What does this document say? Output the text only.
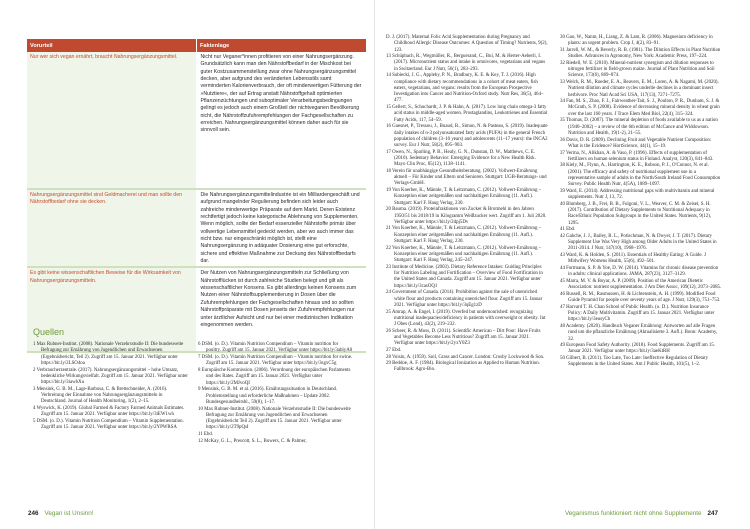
Vorurteil	Faktenlage
Nur wer sich vegan ernährt, braucht Nahrungsergänzungsmittel.	Nicht nur Veganer*innen profitieren von einer Nahrungsergänzung. Grundsätzlich kann man den Nährstoffbedarf in der Mischkost bei guter Kostzusammenstellung zwar ohne Nahrungsergänzungsmittel decken, aber aufgrund des veränderten Lebensstils samt verminderten Kalorienverbrauch, der oft minderwertigen Fütterung der »Nutztiere«, der auf Ertrag anstatt Nährstoffgehalt optimierten Pflanzenzüchtungen und suboptimaler Verarbeitungsbedingungen gelingt es jedoch auch einem Großteil der nichtveganen Bevölkerung nicht, die Nährstoffzufuhrempfehlungen der Fachgesellschaften zu erreichen. Nahrungsergänzungsmittel können daher auch für sie sinnvoll sein.
Nahrungsergänzungsmittel sind Geldmacherei und man sollte den Nährstoffbedarf ohne sie decken.	Die Nahrungsergänzungsmittelindustrie ist ein Milliardengeschäft und aufgrund mangelnder Regulierung befinden sich leider auch zahlreiche minderwertige Präparate auf dem Markt. Deren Existenz rechtfertigt jedoch keine kategorische Ablehnung von Supplementen. Wenn möglich, sollte der Bedarf essenzieller Nährstoffe primär über vollwertige Lebensmittel gedeckt werden, aber wo auch immer das nicht bzw. nur eingeschränkt möglich ist, stellt eine Nahrungsergänzung in adäquater Dosierung eine gut erforschte, sichere und effektive Maßnahme zur Deckung des Nährstoffbedarfs dar.
Es gibt keine wissenschaftlichen Beweise für die Wirksamkeit von Nahrungsergänzungsmitteln.	Der Nutzen von Nahrungsergänzungsmitteln zur Schließung von Nährstofflücken ist durch zahlreiche Studien belegt und gilt als wissenschaftlicher Konsens. Es gibt allerdings keinen Konsens zum Nutzen einer Nährstoffsupplementierung in Dosen über die Zufuhrempfehlungen der Fachgesellschaften hinaus und so sollten Nährstoffpräparate mit Dosen jenseits der Zufuhrempfehlungen nur unter ärztlicher Aufsicht und nur bei einer medizinischen Indikation eingenommen werden.
Quellen

1 Max Rubner-Institut. (2008). Nationale Verzehrsstudie II: Die bundesweite Befragung zur Ernährung von Jugendlichen und Erwachsenen (Ergebnisbericht, Teil 2). Zugriff am 15. Januar 2021. Verfügbar unter https://bit.ly/2LSO4oa

2 Verbraucherzentrale. (2017). Nahrungsergänzungsmittel – hohe Umsatz, bedenkliche Wirkungsvielfalt. Zugriff am 15. Januar 2021. Verfügbar unter https://bit.ly/3iawbXu

3 Mensink, G. B. M., Lage-Barbosa, C. & Brettschneider, A. (2016). Verbreitung der Einnahme von Nahrungsergänzungsmitteln in Deutschland. Journal of Health Monitoring, 1(2), 2–15.

4 Wyswick, K. (2019). Global Farmed & Factory Farmed Animals Estimates. Zugriff am 15. Januar 2021. Verfügbar unter https://bit.ly/3iEW1wh

5 DSM. (o. D.). Vitamin Nutrition Compendium – Vitamin Supplementation. Zugriff am 15. Januar 2021. Verfügbar unter https://bit.ly/2YPWRSA

6 DSM. (o. D.). Vitamin Nutrition Compendium – Vitamin nutrition for poultry. Zugriff am 15. Januar 2021. Verfügbar unter https://bit.ly/3ablyA0

7 DSM. (o. D.). Vitamin Nutrition Compendium – Vitamin nutrition for swine. Zugriff am 15. Januar 2021. Verfügbar unter https://bit.ly/3sgxC5g

8 Europäische Kommission. (2006). Verordnung der europäischen Parlaments und des Rates. Zugriff am 15. Januar 2021. Verfügbar unter https://bit.ly/2MJvoQI

9 Mensink, G. B. M. et al. (2016). Ernährungssituation in Deutschland. Problemstellung und erforderliche Maßnahmen – Update 2002. Bundesgesundheitsbl., 59(8), 1–17.

10 Max Rubner-Institut. (2008). Nationale Verzehrsstudie II: Die bundesweite Befragung zur Ernährung von Jugendlichen und Erwachsenen (Ergebnisbericht Teil 2). Zugriff am 15. Januar 2021. Verfügbar unter https://bit.ly/2T9pQsI

11 Ebd.

12 McKay, G. L., Prescott, S. L., Bowers, C. & Palmer,

246 Vegan ist Unsinn!

D. J. (2017). Maternal Folic Acid Supplementation during Pregnancy and Childhood Allergic Disease Outcomes: A Question of Timing? Nutrients, 9(2), 123.

13 Schüpbach, R., Wegmüller, R., Berguerand, C., Bui, M. & Herter-Aeberli, I. (2017). Micronutrient status and intake in omnivores, vegetarians and vegans in Switzerland. Eur J Nutr, 56(1), 283–293.

14 Sobiecki, J. G., Appleby, P. N., Bradbury, K. E. & Key, T. J. (2016). High compliance with dietary recommendations in a cohort of meat eaters, fish eaters, vegetarians, and vegans: results from the European Prospective Investigation into Cancer and Nutrition-Oxford study. Nutr Res, 36(5), 464–477.

15 Gellert, S., Schuchardt, J. P. & Hahn, A. (2017). Low long chain omega-3 fatty acid status in middle-aged women. Prostaglandins, Leukotrienes and Essential Fatty Acids, 117, 54–59.

16 Guesnet, P., Tressou, J., Buaud, B., Simon, N. & Pasteau, S. (2019). Inadequate daily intakes of n-3 polyunsaturated fatty acids (PUFA) in the general French population of children (3–10 years) and adolescents (11–17 years): the INCA2 survey. Eur J Nutr, 58(2), 895–903.

17 Owen, N., Sparling, P. B., Healy, G. N., Dunstan, D. W., Matthews, C. E. (2010). Sedentary Behavior: Emerging Evidence for a New Health Risk. Mayo Clin Proc, 85(12), 1138–1141.

18 Verein für unabhängige Gesundheitsberatung. (2002). Vollwert-Ernährung aktuell – Für Kinder und Eltern und Senioren. Stuttgart: UGB-Beratungs- und Verlags-GmbH.

19 Von Koerber, K., Männle, T. & Leitzmann, C. (2012). Vollwert-Ernährung – Konzeption einer zeitgemäßen und nachhaltigen Ernährung (11. Aufl.). Stuttgart: Karl F. Haug Verlag, 230.

20 Bauma. (2019). Proteinfraktionen von Zucker & Brotmehl in den Jahren 1950/51 bis 2018/19 in Kilogramm Weißzucker wert. Zugriff am 1. Juli 2020. Verfügbar unter https://bit.ly/2dpj5Dv

21 Von Koerber, K., Männle, T. & Leitzmann, C. (2012). Vollwert-Ernährung – Konzeption einer zeitgemäßen und nachhaltigen Ernährung (11. Aufl.). Stuttgart: Karl F. Haug Verlag, 230.

22 Von Koerber, K., Männle, T. & Leitzmann, C. (2012). Vollwert-Ernährung – Konzeption einer zeitgemäßen und nachhaltigen Ernährung (11. Aufl.). Stuttgart: Karl F. Haug Verlag, 245–247.

23 Institute of Medicine. (2003). Dietary Reference Intakes: Guiding Principles for Nutrition Labeling and Fortification – Overview of Food Fortification in the United States and Canada. Zugriff am 15. Januar 2021. Verfügbar unter https://bit.ly/3casOQ1

24 Government of Canada. (2014). Prohibition against the sale of unenriched white flour and products containing unenriched flour. Zugriff am 15. Januar 2021. Verfügbar unter https://bit.ly/3qEg1zD

25 Amrap, A. & Engel, I. (2019). Overfed but undernourished: recognizing nutritional inadequacies/deficiency in patients with overweight or obesity. Int J Obes (Lond), 43(2), 219–232.

26 Scheer, R. & Moss, D. (2011). Scientific American – Dirt Poor: Have Fruits and Vegetables Become Less Nutritious? Zugriff am 15. Januar 2021. Verfügbar unter https://bit.ly/2yxY0Z3

27 Ebd.

28 Voisin, A. (1959). Soil, Grass and Cancer. London: Crosby Lockwood & Son.

29 Beddoe, A. F. (1984). Biological Ionization as Applied to Human Nutrition. Fallbrook: Agro-Bio.

30 Gao, W., Nanm, H., Liang, Z. & Lam, R. (2006). Magnesium deficiency in plants: an urgent problem. Crop J, 4(2), 83–91.

31 Jarrell, W. M., & Beverly, R. B. (1981). The Dilution Effects in Plant Nutrition Studies. Advances in Agronomy, New York: Academic Press, 197–224.

32 Riedell, W. E. (2010). Mineral-nutrient synergism and dilution responses to nitrogen fertilizer in field-grown maize. Journal of Plant Nutrition and Soil Science, 173(6), 869–874.

33 Welch, R. M., Roeder, E. A., Beavers, E. M., Loren, A. & Nagami, M. (2020). Nutrient dilution and climate cycles underlie declines in a dominant insect herbivore. Proc Natl Acad Sci USA, 117(13), 7271–7275.

34 Fan, M. S., Zhao, F. J., Fairweather-Tait, S. J., Poulton, P. R., Dunham, S. J. & McGrath, S. P. (2008). Evidence of decreasing mineral density in wheat grain over the last 160 years. J Trace Elem Med Biol, 22(4), 315–324.

35 Thomas, D. (2007). The mineral depletion of foods available to us as a nation (1940–2002) – a review of the 6th edition of McCance and Widdowson. Nutrition and Health, 19(1-2), 21–55.

36 Davis, D. R. (2009). Declining Fruit and Vegetable Nutrient Composition: What is the Evidence? HortScience, 44(1), 15–19.

37 Verma, N., Alikhan, A. & Vaso, P. (1996). Effects of supplementation of fertilizers on human selenium status in Finland. Analyst, 120(3), 841–843.

38 Kiely, M., Flynn, A., Harrington, K. E., Robson, P. J., O'Connor, N. et al. (2001). The efficacy and safety of nutritional supplement use in a representative sample of adults in the North/South Ireland Food Consumption Survey. Public Health Nutr, 4(5A), 1089–1097.

39 Ward, E. (2014). Addressing nutritional gaps with multivitamin and mineral supplements. Nutr J, 13, 72.

40 Blumberg, J. B., Frei, B. B., Fulgoni, V. L., Weaver, C. M. & Zeisel, S. H. (2017). Contribution of Dietary Supplements to Nutritional Adequacy in Race/Ethnic Population Subgroups in the United States. Nutrients, 9(12), 1295.

41 Ebd.

42 Gahche, J. J., Bailey, R. L., Potischman, N. & Dwyer, J. T. (2017). Dietary Supplement Use Was Very High among Older Adults in the United States in 2011-2014. J Nutr, 147(10), 1968–1976.

43 Ward, K. & Holden, S. (2011). Essentials of Healthy Eating: A Guide. J Midwifery Womens Health, 55(6), 492–501.

44 Fortmann, S. P. & Yoe, D. W. (2014). Vitamins for chronic disease prevention in adults: clinical applications. JAMA, 287(23), 3127–3129.

45 Marra, M. V. & Boyar, A. P. (2009). Position of the American Dietetic Association: nutrient supplementation. J Am Diet Assoc, 109(12), 2073–2085.

46 Russell, R. M., Rasmussen, H. & Lichtenstein, A. H. (1999). Modified Food Guide Pyramid for people over seventy years of age. J Nutr, 129(3), 751–753.

47 Harvard T. H. Chan School of Public Health. (o. D.). Nutrition Insurance Policy: A Daily Multivitamin. Zugriff am 15. Januar 2021. Verfügbar unter https://bit.ly/3eusyCh

48 Academy. (2020). Handbuch Veganer Ernährung: Antworten auf alle Fragen rund um die pflanzliche Ernährung (Aktualisierte 3. Aufl.). Bonn: Academy, 32.

49 European Food Safety Authority. (2018). Food Supplements. Zugriff am 15. Januar 2021. Verfügbar unter https://bit.ly/3aeKtRH

50 Gilbert, B. (2011). Too Late, Too Late: Ineffective Regulation of Dietary Supplements in the United States. Am J Public Health, 101(5), 1–2.

Veganismus funktioniert nicht ohne Supplemente 247
